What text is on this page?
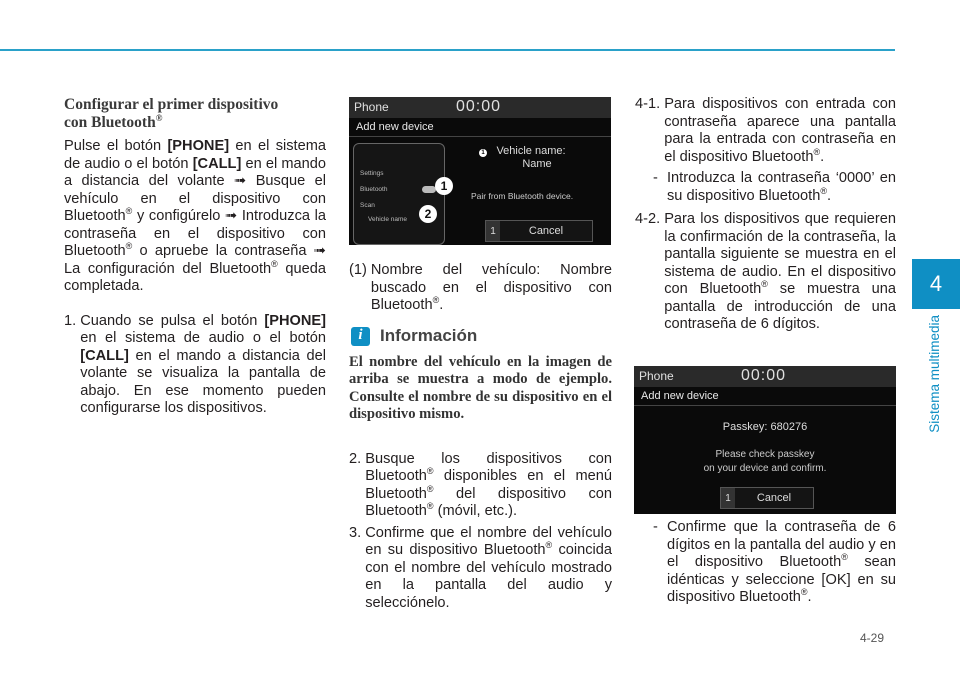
4
Sistema multimedia
Configurar el primer dispositivo
con Bluetooth®
Pulse el botón [PHONE] en el sistema de audio o el botón [CALL] en el mando a distancia del volante ➟ Busque el vehículo en el dispositivo con Bluetooth® y configúrelo ➟ Introduzca la contraseña en el dispositivo con Bluetooth® o apruebe la contraseña ➟ La configuración del Bluetooth® queda completada.
1. Cuando se pulsa el botón [PHONE] en el sistema de audio o el botón [CALL] en el mando a distancia del volante se visualiza la pantalla de abajo. En ese momento pueden configurarse los dispositivos.
Phone	00:00
Add new device
Settings
Bluetooth
Scan
Vehicle name
1
2
1	Vehicle name:
Name
Pair from Bluetooth device.
1	Cancel
(1) Nombre del vehículo: Nombre buscado en el dispositivo con Bluetooth®.
i	Información
El nombre del vehículo en la imagen de arriba se muestra a modo de ejemplo. Consulte el nombre de su dispositivo en el dispositivo mismo.
2. Busque los dispositivos con Bluetooth® disponibles en el menú Bluetooth® del dispositivo con Bluetooth® (móvil, etc.).
3. Confirme que el nombre del vehículo en su dispositivo Bluetooth® coincida con el nombre del vehículo mostrado en la pantalla del audio y selecciónelo.
4-1. Para dispositivos con entrada con contraseña aparece una pantalla para la entrada con contraseña en el dispositivo Bluetooth®.
- Introduzca la contraseña ‘0000’ en su dispositivo Bluetooth®.
4-2. Para los dispositivos que requieren la confirmación de la contraseña, la pantalla siguiente se muestra en el sistema de audio. En el dispositivo con Bluetooth® se muestra una pantalla de introducción de una contraseña de 6 dígitos.
Phone	00:00
Add new device
Passkey: 680276
Please check passkey
on your device and confirm.
1	Cancel
- Confirme que la contraseña de 6 dígitos en la pantalla del audio y en el dispositivo Bluetooth® sean idénticas y seleccione [OK] en su dispositivo Bluetooth®.
4-29
